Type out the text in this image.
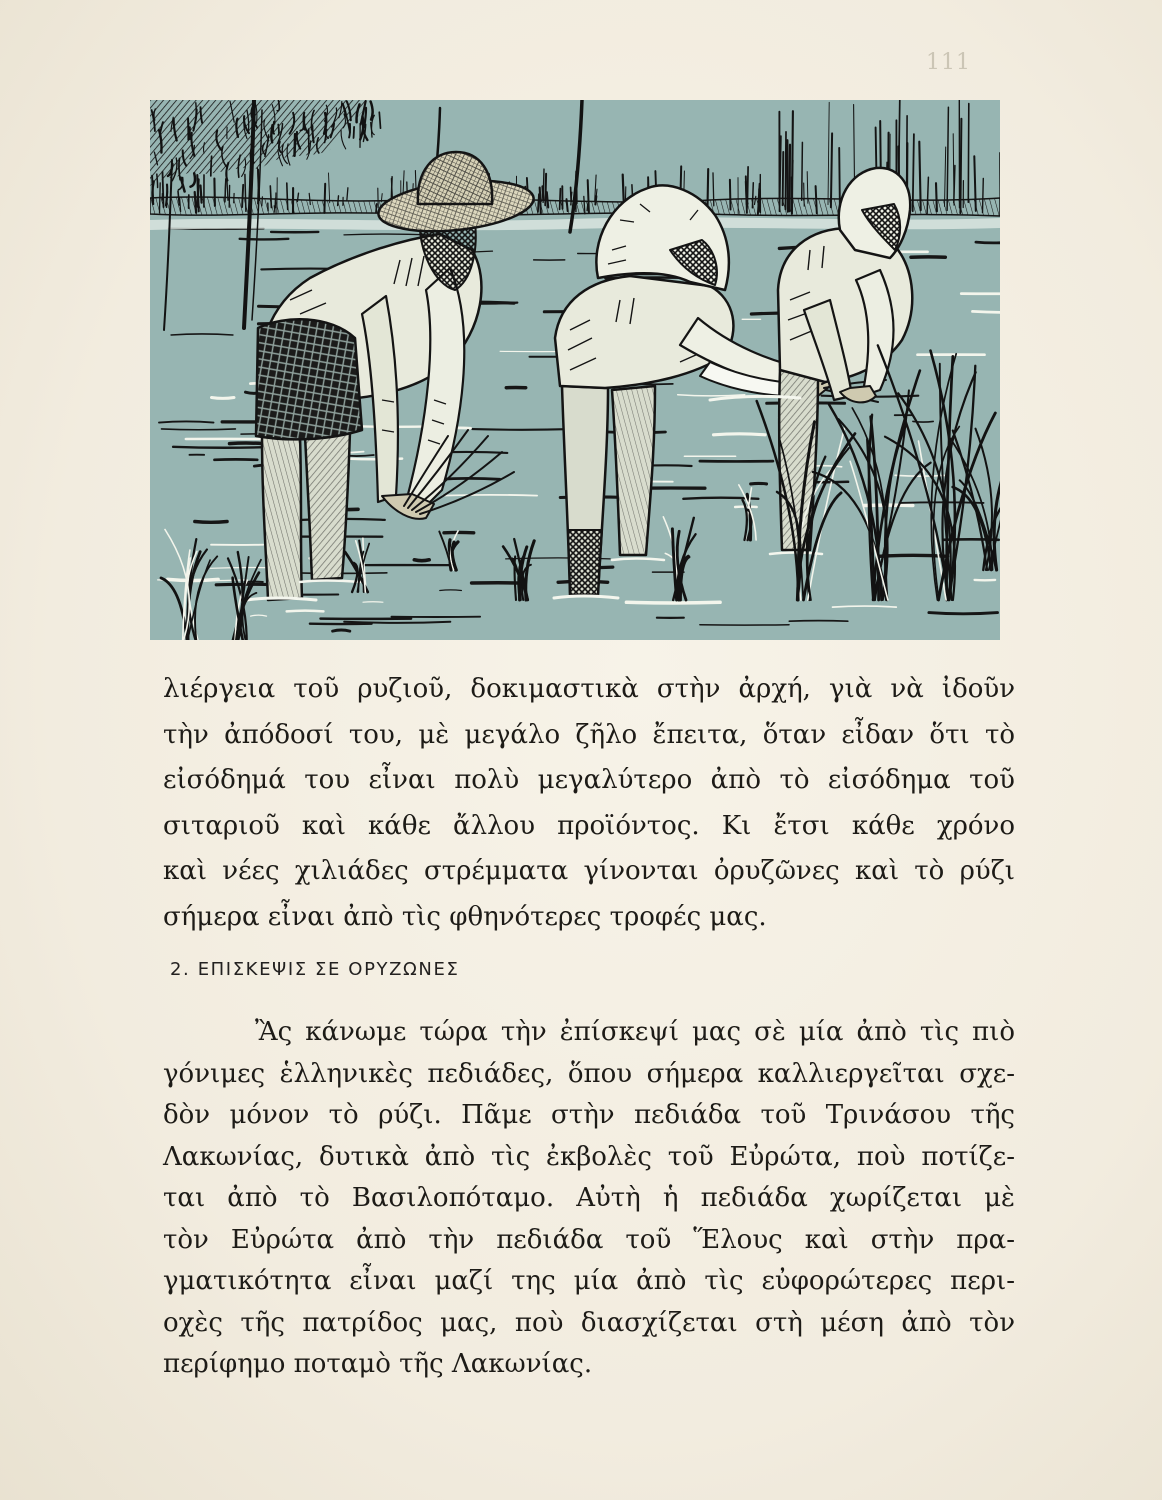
111
λιέργεια τοῦ ρυζιοῦ, δοκιμαστικὰ στὴν ἀρχή, γιὰ νὰ ἰδοῦν
τὴν ἀπόδοσί του, μὲ μεγάλο ζῆλο ἔπειτα, ὅταν εἶδαν ὅτι τὸ
εἰσόδημά του εἶναι πολὺ μεγαλύτερο ἀπὸ τὸ εἰσόδημα τοῦ
σιταριοῦ καὶ κάθε ἄλλου προϊόντος. Κι ἔτσι κάθε χρόνο
καὶ νέες χιλιάδες στρέμματα γίνονται ὀρυζῶνες καὶ τὸ ρύζι
σήμερα εἶναι ἀπὸ τὶς φθηνότερες τροφές μας.
2. ΕΠΙΣΚΕΨΙΣ ΣΕ ΟΡΥΖΩΝΕΣ
Ἂς κάνωμε τώρα τὴν ἐπίσκεψί μας σὲ μία ἀπὸ τὶς πιὸ
γόνιμες ἑλληνικὲς πεδιάδες, ὅπου σήμερα καλλιεργεῖται σχε-
δὸν μόνον τὸ ρύζι. Πᾶμε στὴν πεδιάδα τοῦ Τρινάσου τῆς
Λακωνίας, δυτικὰ ἀπὸ τὶς ἐκβολὲς τοῦ Εὐρώτα, ποὺ ποτίζε-
ται ἀπὸ τὸ Βασιλοπόταμο. Αὐτὴ ἡ πεδιάδα χωρίζεται μὲ
τὸν Εὐρώτα ἀπὸ τὴν πεδιάδα τοῦ Ἕλους καὶ στὴν πρα-
γματικότητα εἶναι μαζί της μία ἀπὸ τὶς εὐφορώτερες περι-
οχὲς τῆς πατρίδος μας, ποὺ διασχίζεται στὴ μέση ἀπὸ τὸν
περίφημο ποταμὸ τῆς Λακωνίας.
